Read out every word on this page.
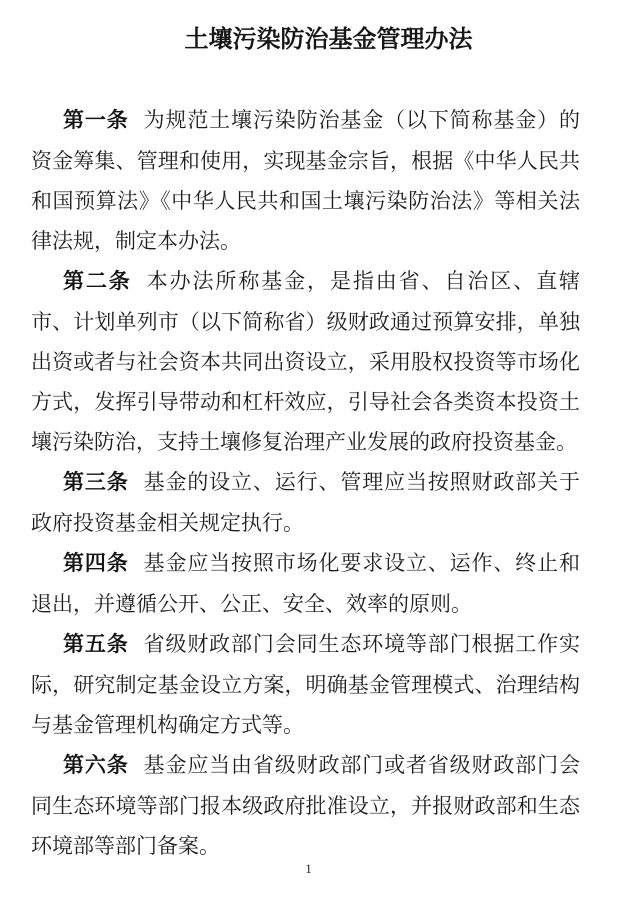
土壤污染防治基金管理办法

第一条 为规范土壤污染防治基金（以下简称基金）的资金筹集、管理和使用，实现基金宗旨，根据《中华人民共和国预算法》《中华人民共和国土壤污染防治法》等相关法律法规，制定本办法。

第二条 本办法所称基金，是指由省、自治区、直辖市、计划单列市（以下简称省）级财政通过预算安排，单独出资或者与社会资本共同出资设立，采用股权投资等市场化方式，发挥引导带动和杠杆效应，引导社会各类资本投资土壤污染防治，支持土壤修复治理产业发展的政府投资基金。

第三条 基金的设立、运行、管理应当按照财政部关于政府投资基金相关规定执行。

第四条 基金应当按照市场化要求设立、运作、终止和退出，并遵循公开、公正、安全、效率的原则。

第五条 省级财政部门会同生态环境等部门根据工作实际，研究制定基金设立方案，明确基金管理模式、治理结构与基金管理机构确定方式等。

第六条 基金应当由省级财政部门或者省级财政部门会同生态环境等部门报本级政府批准设立，并报财政部和生态环境部等部门备案。

1
